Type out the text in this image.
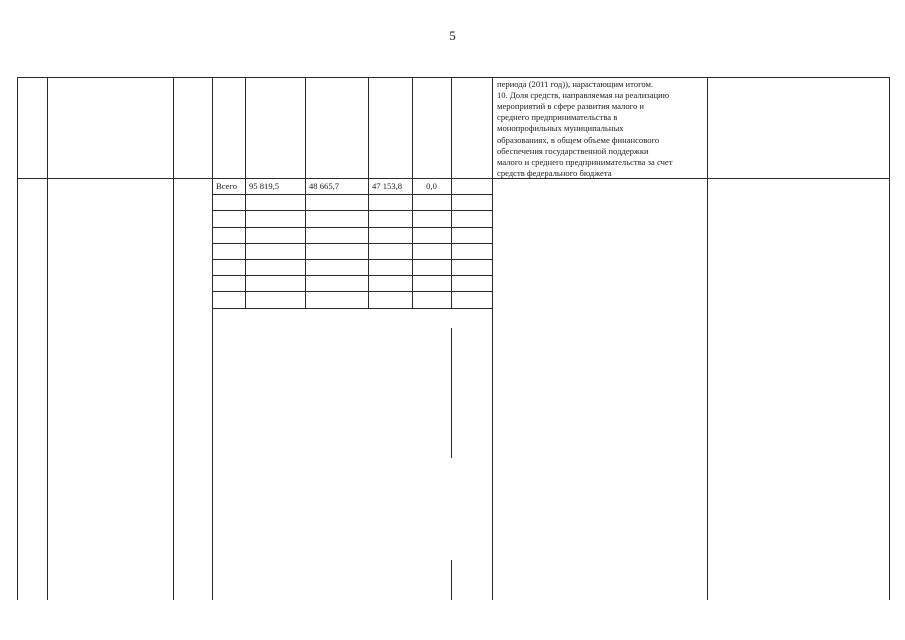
5
периода (2011 год)), нарастающим итогом.
10. Доля средств, направляемая на реализацию
мероприятий в сфере развития малого и
среднего предпринимательства в
монопрофильных муниципальных
образованиях, в общем объеме финансового
обеспечения государственной поддержки
малого и среднего предпринимательства за счет
средств федерального бюджета
Всего	95 819,5	48 665,7	47 153,8	0,0
